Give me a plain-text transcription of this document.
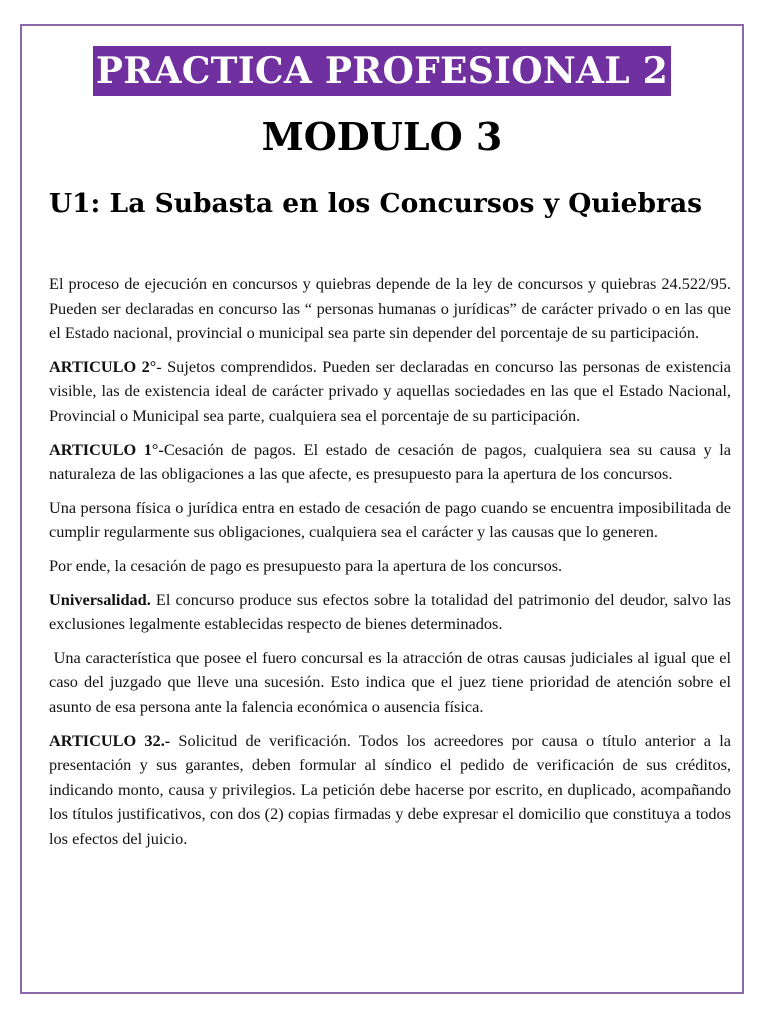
PRACTICA PROFESIONAL 2
MODULO 3
U1: La Subasta en los Concursos y Quiebras

El proceso de ejecución en concursos y quiebras depende de la ley de concursos y quiebras 24.522/95. Pueden ser declaradas en concurso las “ personas humanas o jurídicas” de carácter privado o en las que el Estado nacional, provincial o municipal sea parte sin depender del porcentaje de su participación.

ARTICULO 2°- Sujetos comprendidos. Pueden ser declaradas en concurso las personas de existencia visible, las de existencia ideal de carácter privado y aquellas sociedades en las que el Estado Nacional, Provincial o Municipal sea parte, cualquiera sea el porcentaje de su participación.

ARTICULO 1°-Cesación de pagos. El estado de cesación de pagos, cualquiera sea su causa y la naturaleza de las obligaciones a las que afecte, es presupuesto para la apertura de los concursos.

Una persona física o jurídica entra en estado de cesación de pago cuando se encuentra imposibilitada de cumplir regularmente sus obligaciones, cualquiera sea el carácter y las causas que lo generen.

Por ende, la cesación de pago es presupuesto para la apertura de los concursos.

Universalidad. El concurso produce sus efectos sobre la totalidad del patrimonio del deudor, salvo las exclusiones legalmente establecidas respecto de bienes determinados.

Una característica que posee el fuero concursal es la atracción de otras causas judiciales al igual que el caso del juzgado que lleve una sucesión. Esto indica que el juez tiene prioridad de atención sobre el asunto de esa persona ante la falencia económica o ausencia física.

ARTICULO 32.- Solicitud de verificación. Todos los acreedores por causa o título anterior a la presentación y sus garantes, deben formular al síndico el pedido de verificación de sus créditos, indicando monto, causa y privilegios. La petición debe hacerse por escrito, en duplicado, acompañando los títulos justificativos, con dos (2) copias firmadas y debe expresar el domicilio que constituya a todos los efectos del juicio.
